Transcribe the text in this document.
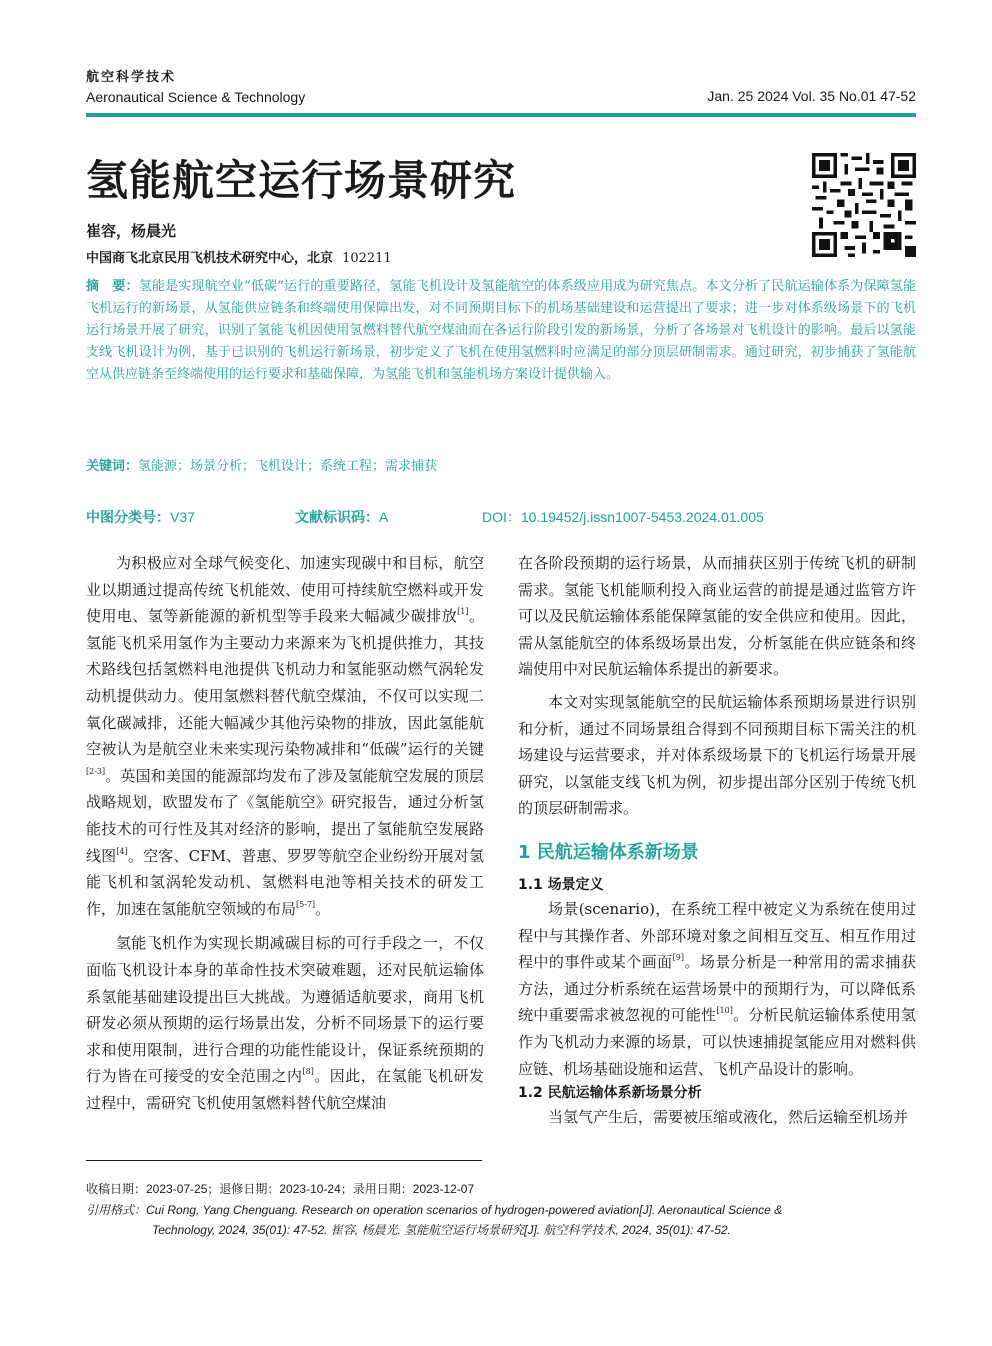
航空科学技术
Aeronautical Science & Technology	Jan. 25 2024 Vol. 35 No.01 47-52
氢能航空运行场景研究
崔容，杨晨光
中国商飞北京民用飞机技术研究中心，北京 102211
摘　要：氢能是实现航空业“低碳”运行的重要路径，氢能飞机设计及氢能航空的体系级应用成为研究焦点。本文分析了民航运输体系为保障氢能飞机运行的新场景，从氢能供应链条和终端使用保障出发，对不同预期目标下的机场基础建设和运营提出了要求；进一步对体系级场景下的飞机运行场景开展了研究，识别了氢能飞机因使用氢燃料替代航空煤油而在各运行阶段引发的新场景，分析了各场景对飞机设计的影响。最后以氢能支线飞机设计为例，基于已识别的飞机运行新场景，初步定义了飞机在使用氢燃料时应满足的部分顶层研制需求。通过研究，初步捕获了氢能航空从供应链条至终端使用的运行要求和基础保障，为氢能飞机和氢能机场方案设计提供输入。
关键词：氢能源；场景分析；飞机设计；系统工程；需求捕获
中图分类号：V37	文献标识码：A	DOI：10.19452/j.issn1007-5453.2024.01.005

为积极应对全球气候变化、加速实现碳中和目标，航空业以期通过提高传统飞机能效、使用可持续航空燃料或开发使用电、氢等新能源的新机型等手段来大幅减少碳排放[1]。氢能飞机采用氢作为主要动力来源来为飞机提供推力，其技术路线包括氢燃料电池提供飞机动力和氢能驱动燃气涡轮发动机提供动力。使用氢燃料替代航空煤油，不仅可以实现二氧化碳减排，还能大幅减少其他污染物的排放，因此氢能航空被认为是航空业未来实现污染物减排和“低碳”运行的关键[2-3]。英国和美国的能源部均发布了涉及氢能航空发展的顶层战略规划，欧盟发布了《氢能航空》研究报告，通过分析氢能技术的可行性及其对经济的影响，提出了氢能航空发展路线图[4]。空客、CFM、普惠、罗罗等航空企业纷纷开展对氢能飞机和氢涡轮发动机、氢燃料电池等相关技术的研发工作，加速在氢能航空领域的布局[5-7]。

氢能飞机作为实现长期减碳目标的可行手段之一，不仅面临飞机设计本身的革命性技术突破难题，还对民航运输体系氢能基础建设提出巨大挑战。为遵循适航要求，商用飞机研发必须从预期的运行场景出发，分析不同场景下的运行要求和使用限制，进行合理的功能性能设计，保证系统预期的行为皆在可接受的安全范围之内[8]。因此，在氢能飞机研发过程中，需研究飞机使用氢燃料替代航空煤油

在各阶段预期的运行场景，从而捕获区别于传统飞机的研制需求。氢能飞机能顺利投入商业运营的前提是通过监管方许可以及民航运输体系能保障氢能的安全供应和使用。因此，需从氢能航空的体系级场景出发，分析氢能在供应链条和终端使用中对民航运输体系提出的新要求。

本文对实现氢能航空的民航运输体系预期场景进行识别和分析，通过不同场景组合得到不同预期目标下需关注的机场建设与运营要求，并对体系级场景下的飞机运行场景开展研究，以氢能支线飞机为例，初步提出部分区别于传统飞机的顶层研制需求。

1 民航运输体系新场景
1.1 场景定义

场景(scenario)，在系统工程中被定义为系统在使用过程中与其操作者、外部环境对象之间相互交互、相互作用过程中的事件或某个画面[9]。场景分析是一种常用的需求捕获方法，通过分析系统在运营场景中的预期行为，可以降低系统中重要需求被忽视的可能性[10]。分析民航运输体系使用氢作为飞机动力来源的场景，可以快速捕捉氢能应用对燃料供应链、机场基础设施和运营、飞机产品设计的影响。

1.2 民航运输体系新场景分析

当氢气产生后，需要被压缩或液化，然后运输至机场并

收稿日期：2023-07-25；退修日期：2023-10-24；录用日期：2023-12-07
引用格式：Cui Rong, Yang Chenguang. Research on operation scenarios of hydrogen-powered aviation[J]. Aeronautical Science &
Technology, 2024, 35(01): 47-52. 崔容, 杨晨光. 氢能航空运行场景研究[J]. 航空科学技术, 2024, 35(01): 47-52.
